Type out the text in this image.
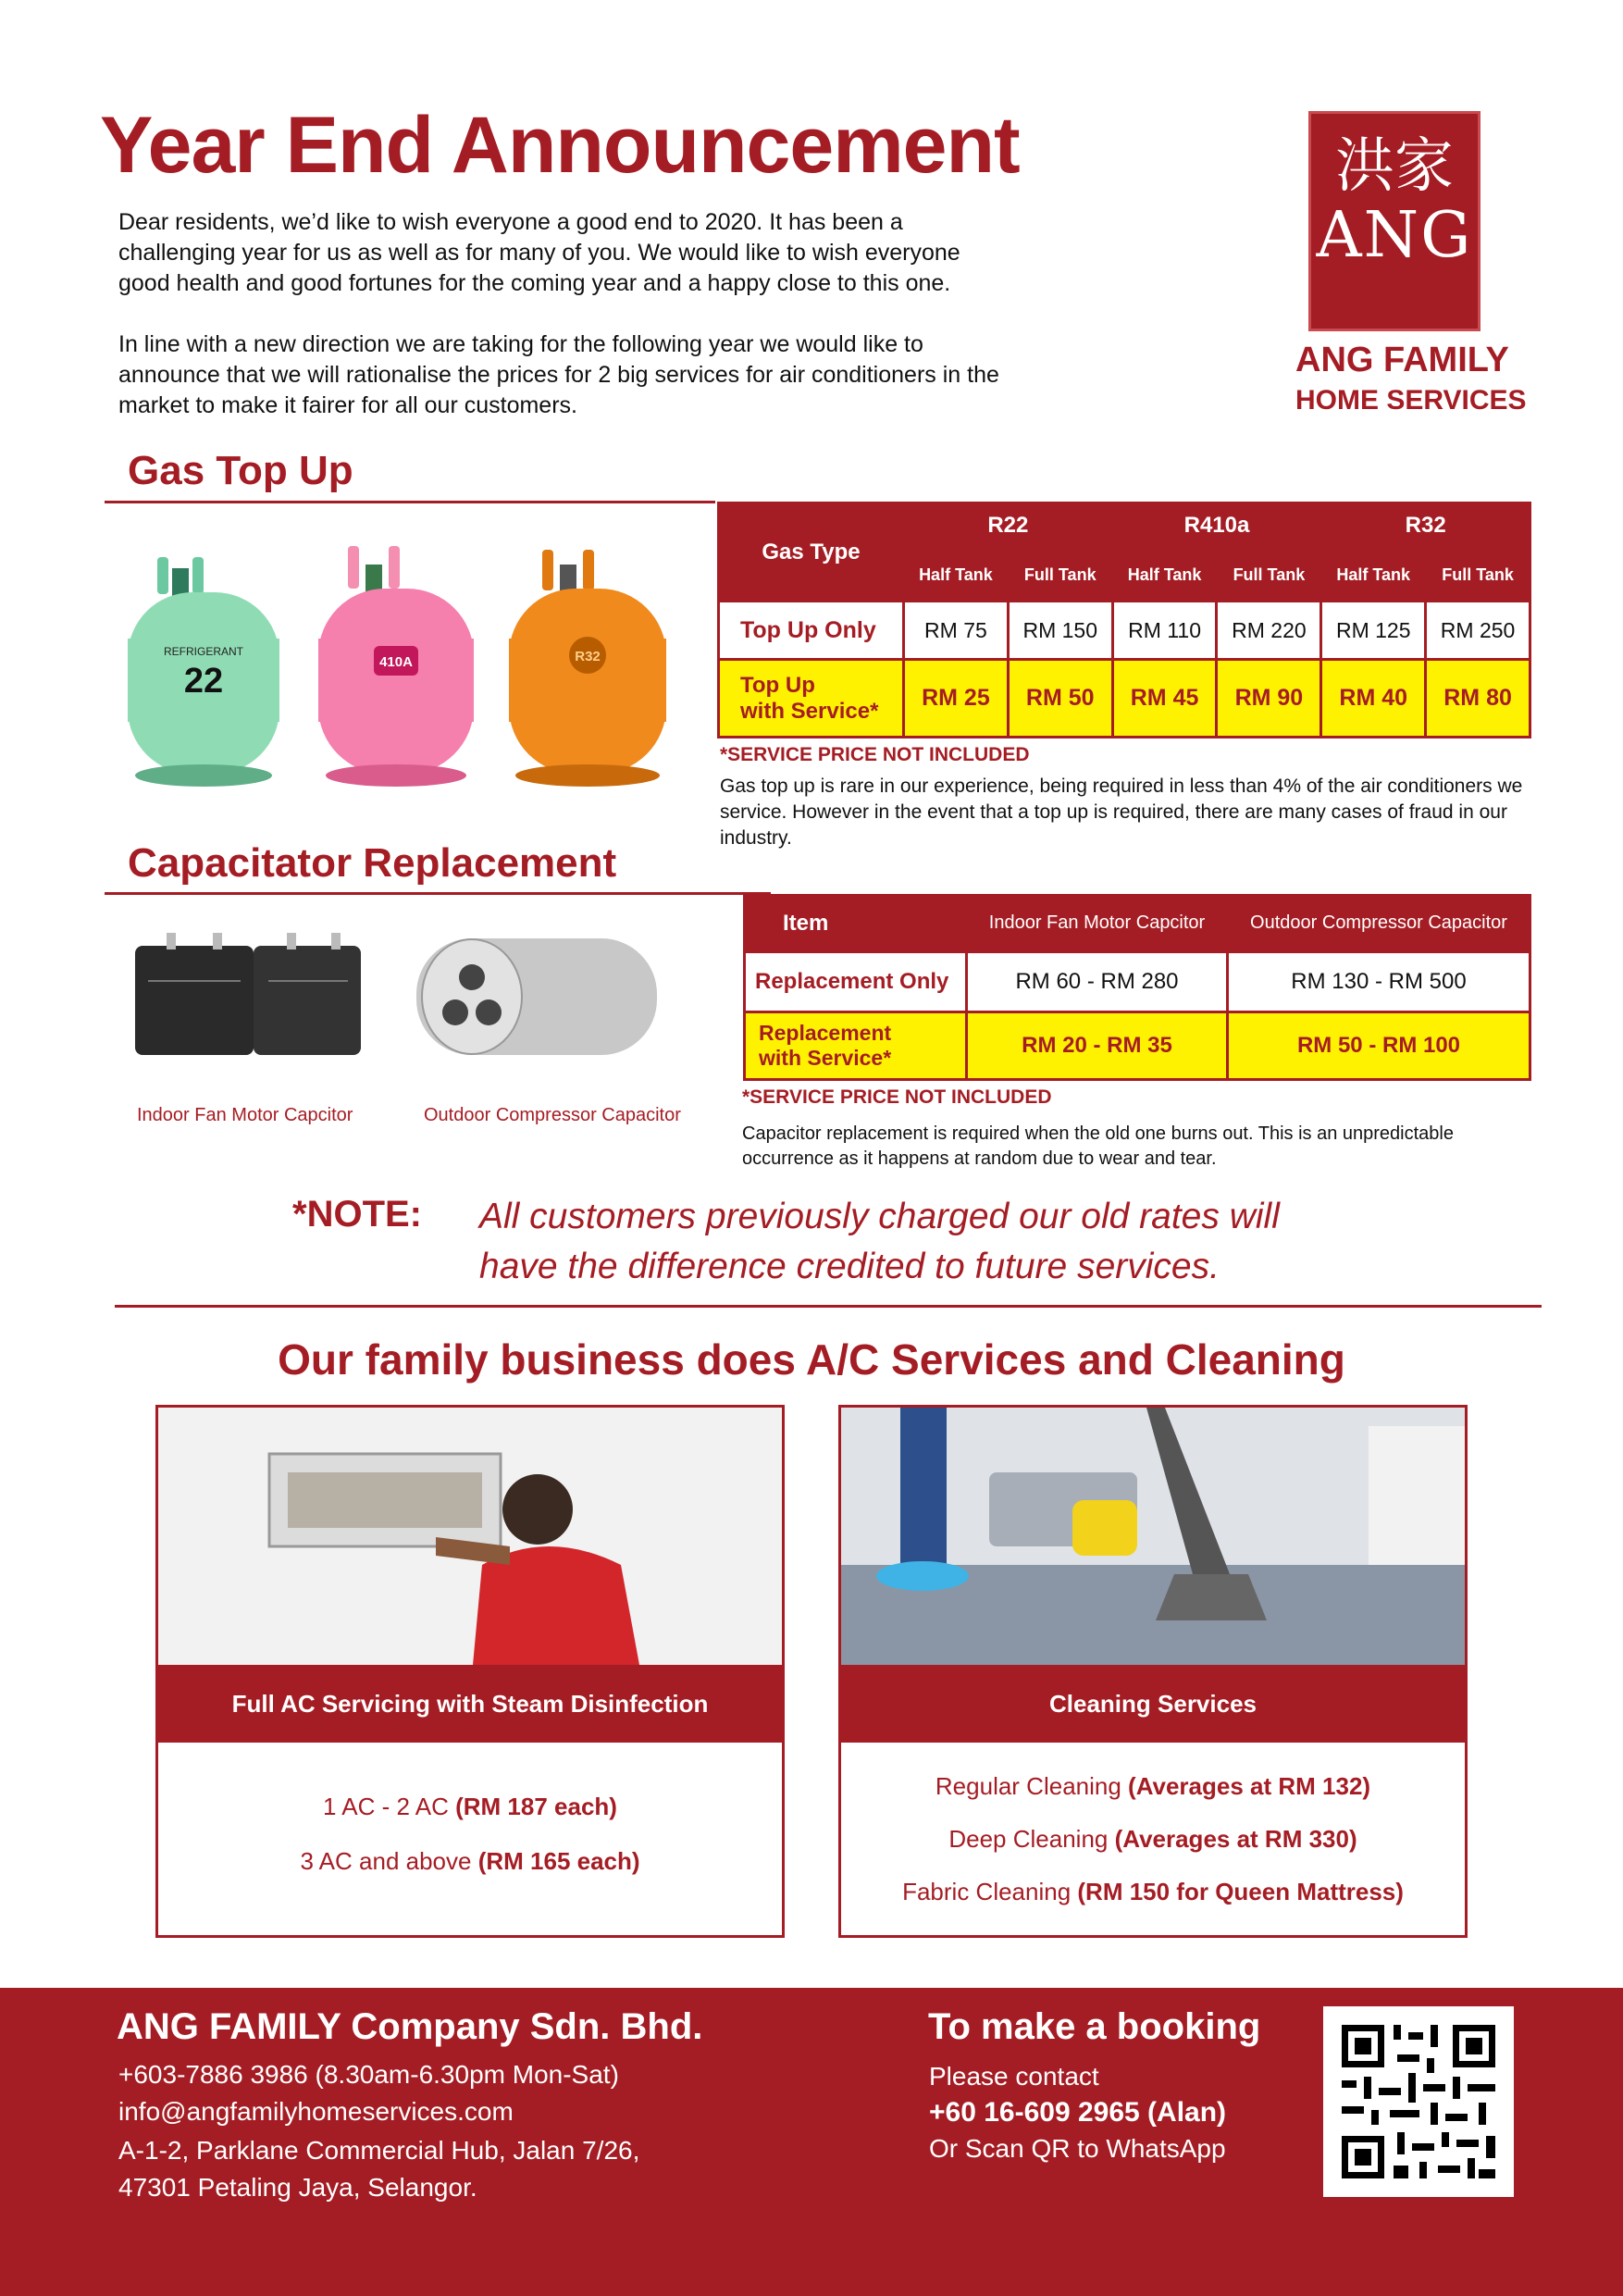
Year End Announcement

Dear residents, we’d like to wish everyone a good end to 2020. It has been a challenging year for us as well as for many of you. We would like to wish everyone good health and good fortunes for the coming year and a happy close to this one.

In line with a new direction we are taking for the following year we would like to announce that we will rationalise the prices for 2 big services for air conditioners in the market to make it fairer for all our customers.

洪家
ANG
ANG FAMILY
HOME SERVICES
Gas Top Up
REFRIGERANT
22	410A	R32
Gas Type	R22		R410a		R32	
	Half Tank	Full Tank	Half Tank	Full Tank	Half Tank	Full Tank
Top Up Only	RM 75	RM 150	RM 110	RM 220	RM 125	RM 250
Top Up
with Service*	RM 25	RM 50	RM 45	RM 90	RM 40	RM 80
*SERVICE PRICE NOT INCLUDED
Gas top up is rare in our experience, being required in less than 4% of the air conditioners we service. However in the event that a top up is required, there are many cases of fraud in our industry.
Capacitator Replacement
Indoor Fan Motor Capcitor	Outdoor Compressor Capacitor
Item	Indoor Fan Motor Capcitor	Outdoor Compressor Capacitor
Replacement Only	RM 60 - RM 280	RM 130 - RM 500
Replacement
with Service*	RM 20 - RM 35	RM 50 - RM 100
*SERVICE PRICE NOT INCLUDED
Capacitor replacement is required when the old one burns out. This is an unpredictable occurrence as it happens at random due to wear and tear.
*NOTE: All customers previously charged our old rates will
have the difference credited to future services.
Our family business does A/C Services and Cleaning
Full AC Servicing with Steam Disinfection
1 AC - 2 AC (RM 187 each)
3 AC and above (RM 165 each)
Cleaning Services
Regular Cleaning (Averages at RM 132)
Deep Cleaning (Averages at RM 330)
Fabric Cleaning (RM 150 for Queen Mattress)
ANG FAMILY Company Sdn. Bhd.
+603-7886 3986 (8.30am-6.30pm Mon-Sat)
info@angfamilyhomeservices.com
A-1-2, Parklane Commercial Hub, Jalan 7/26,
47301 Petaling Jaya, Selangor.
To make a booking
Please contact
+60 16-609 2965 (Alan)
Or Scan QR to WhatsApp
